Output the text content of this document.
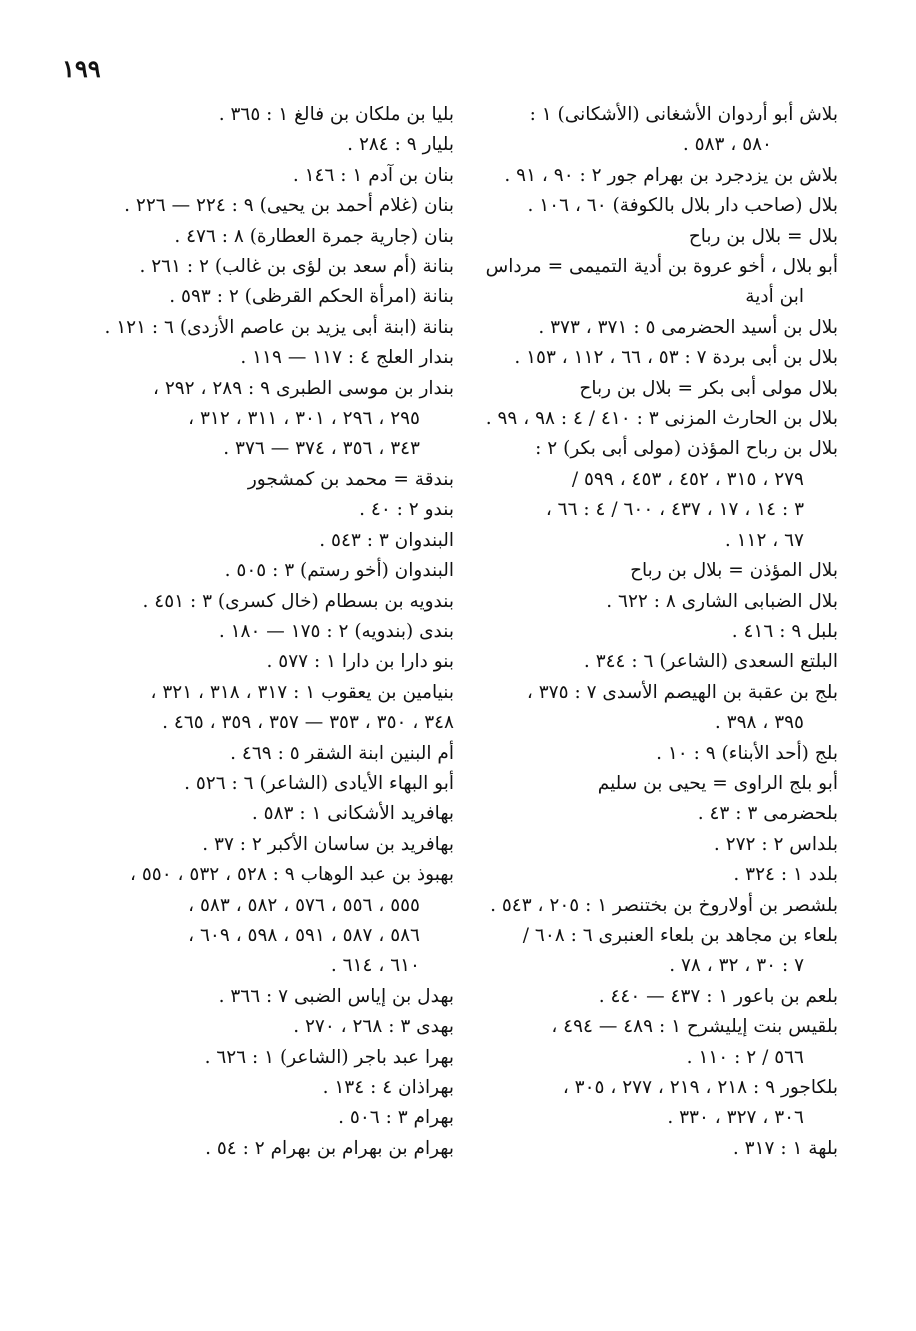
١٩٩
بلاش أبو أردوان الأشغانى (الأشكانى) ١ :
٥٨٠ ، ٥٨٣ .
بلاش بن يزدجرد بن بهرام جور ٢ : ٩٠ ، ٩١ .
بلال (صاحب دار بلال بالكوفة) ٦٠ ، ١٠٦ .
بلال = بلال بن رباح
أبو بلال ، أخو عروة بن أدية التميمى = مرداس
ابن أدية
بلال بن أسيد الحضرمى ٥ : ٣٧١ ، ٣٧٣ .
بلال بن أبى بردة ٧ : ٥٣ ، ٦٦ ، ١١٢ ، ١٥٣ .
بلال مولى أبى بكر = بلال بن رباح
بلال بن الحارث المزنى ٣ : ٤١٠ / ٤ : ٩٨ ، ٩٩ .
بلال بن رباح المؤذن (مولى أبى بكر) ٢ :
٢٧٩ ، ٣١٥ ، ٤٥٢ ، ٤٥٣ ، ٥٩٩ /
٣ : ١٤ ، ١٧ ، ٤٣٧ ، ٦٠٠ / ٤ : ٦٦ ،
٦٧ ، ١١٢ .
بلال المؤذن = بلال بن رباح
بلال الضبابى الشارى ٨ : ٦٢٢ .
بلبل ٩ : ٤١٦ .
البلتع السعدى (الشاعر) ٦ : ٣٤٤ .
بلج بن عقبة بن الهيصم الأسدى ٧ : ٣٧٥ ،
٣٩٥ ، ٣٩٨ .
بلج (أحد الأبناء) ٩ : ١٠ .
أبو بلج الراوى = يحيى بن سليم
بلحضرمى ٣ : ٤٣ .
بلداس ٢ : ٢٧٢ .
بلدد ١ : ٣٢٤ .
بلشصر بن أولاروخ بن بختنصر ١ : ٢٠٥ ، ٥٤٣ .
بلعاء بن مجاهد بن بلعاء العنبرى ٦ : ٦٠٨ /
٧ : ٣٠ ، ٣٢ ، ٧٨ .
بلعم بن باعور ١ : ٤٣٧ — ٤٤٠ .
بلقيس بنت إيليشرح ١ : ٤٨٩ — ٤٩٤ ،
٥٦٦ / ٢ : ١١٠ .
بلكاجور ٩ : ٢١٨ ، ٢١٩ ، ٢٧٧ ، ٣٠٥ ،
٣٠٦ ، ٣٢٧ ، ٣٣٠ .
بلهة ١ : ٣١٧ .
بليا بن ملكان بن فالغ ١ : ٣٦٥ .
بليار ٩ : ٢٨٤ .
بنان بن آدم ١ : ١٤٦ .
بنان (غلام أحمد بن يحيى) ٩ : ٢٢٤ — ٢٢٦ .
بنان (جارية جمرة العطارة) ٨ : ٤٧٦ .
بنانة (أم سعد بن لؤى بن غالب) ٢ : ٢٦١ .
بنانة (امرأة الحكم القرظى) ٢ : ٥٩٣ .
بنانة (ابنة أبى يزيد بن عاصم الأزدى) ٦ : ١٢١ .
بندار العلج ٤ : ١١٧ — ١١٩ .
بندار بن موسى الطبرى ٩ : ٢٨٩ ، ٢٩٢ ،
٢٩٥ ، ٢٩٦ ، ٣٠١ ، ٣١١ ، ٣١٢ ،
٣٤٣ ، ٣٥٦ ، ٣٧٤ — ٣٧٦ .
بندقة = محمد بن كمشجور
بندو ٢ : ٤٠ .
البندوان ٣ : ٥٤٣ .
البندوان (أخو رستم) ٣ : ٥٠٥ .
بندويه بن بسطام (خال كسرى) ٣ : ٤٥١ .
بندى (بندويه) ٢ : ١٧٥ — ١٨٠ .
بنو دارا بن دارا ١ : ٥٧٧ .
بنيامين بن يعقوب ١ : ٣١٧ ، ٣١٨ ، ٣٢١ ،
٣٤٨ ، ٣٥٠ ، ٣٥٣ — ٣٥٧ ، ٣٥٩ ، ٤٦٥ .
أم البنين ابنة الشقر ٥ : ٤٦٩ .
أبو البهاء الأيادى (الشاعر) ٦ : ٥٢٦ .
بهافريد الأشكانى ١ : ٥٨٣ .
بهافريد بن ساسان الأكبر ٢ : ٣٧ .
بهبوذ بن عبد الوهاب ٩ : ٥٢٨ ، ٥٣٢ ، ٥٥٠ ،
٥٥٥ ، ٥٥٦ ، ٥٧٦ ، ٥٨٢ ، ٥٨٣ ،
٥٨٦ ، ٥٨٧ ، ٥٩١ ، ٥٩٨ ، ٦٠٩ ،
٦١٠ ، ٦١٤ .
بهدل بن إياس الضبى ٧ : ٣٦٦ .
بهدى ٣ : ٢٦٨ ، ٢٧٠ .
بهرا عبد باجر (الشاعر) ١ : ٦٢٦ .
بهراذان ٤ : ١٣٤ .
بهرام ٣ : ٥٠٦ .
بهرام بن بهرام بن بهرام ٢ : ٥٤ .
